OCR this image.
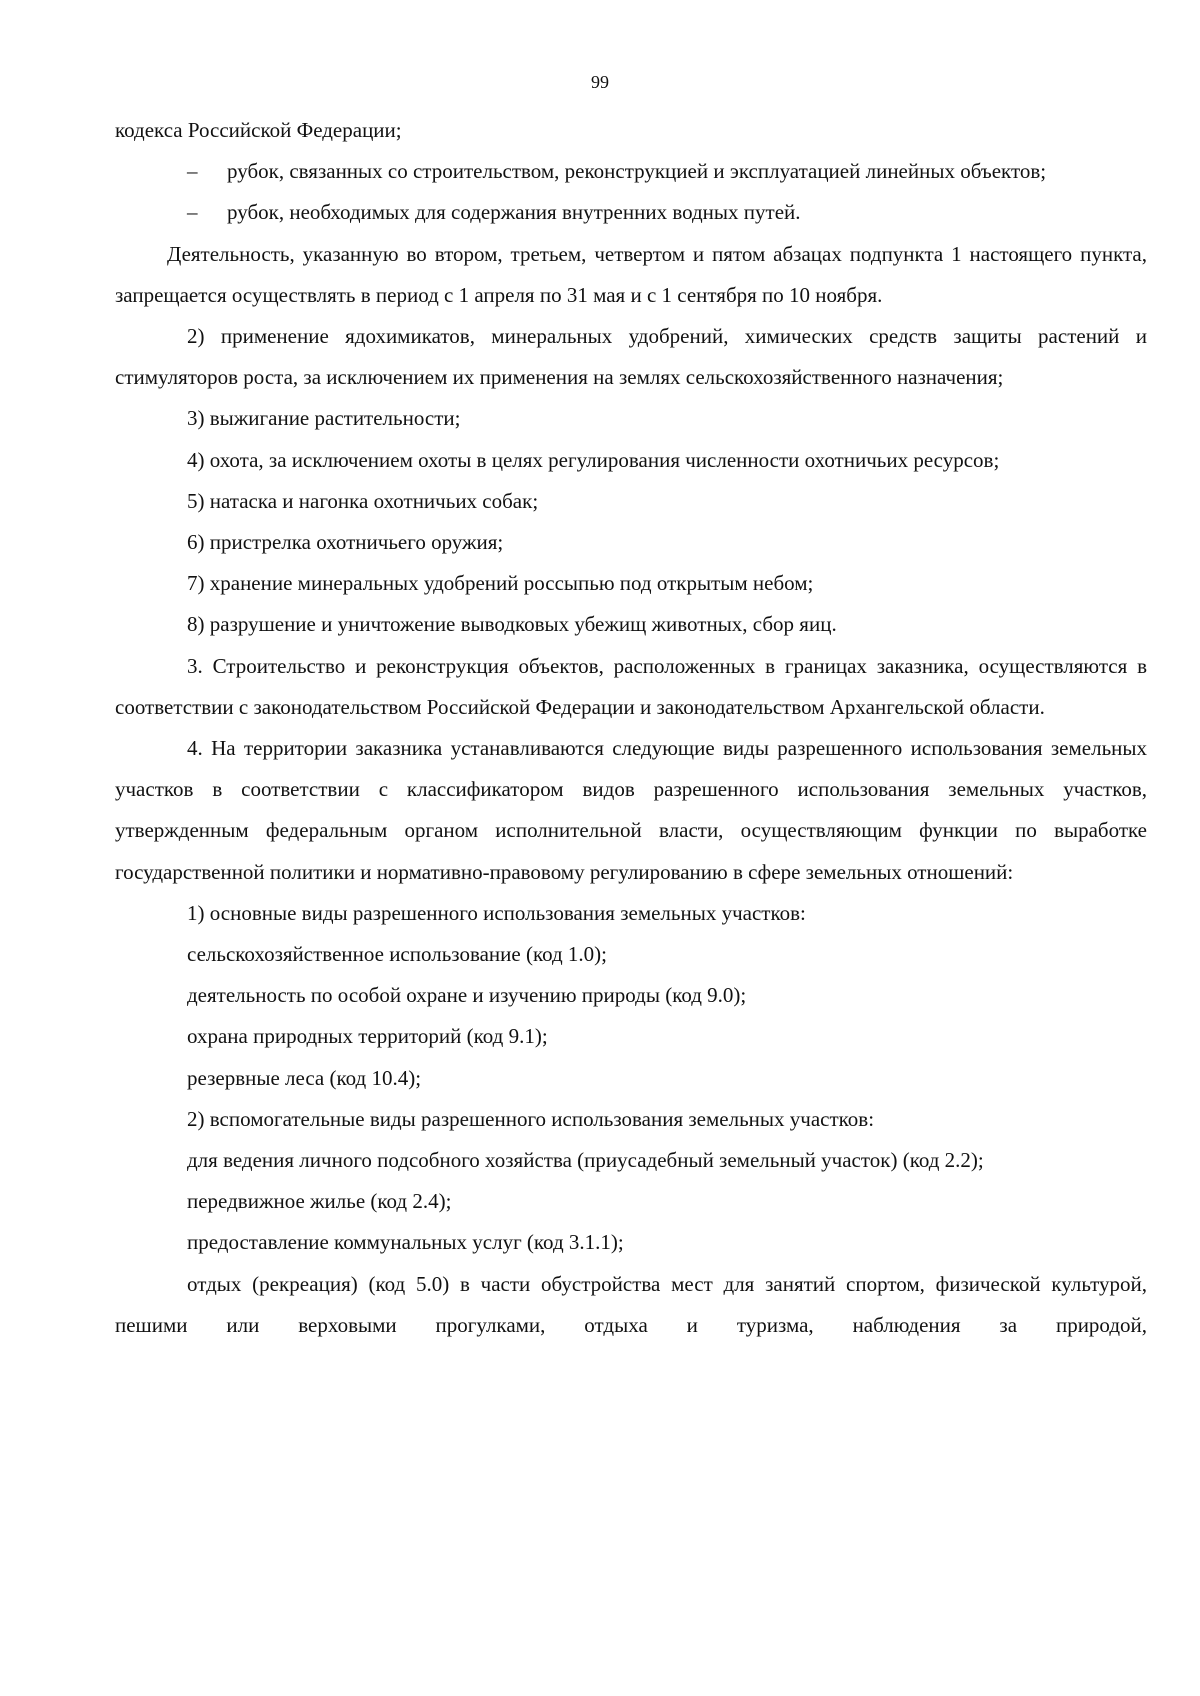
99

кодекса Российской Федерации;

– рубок, связанных со строительством, реконструкцией и эксплуатацией линейных объектов;

– рубок, необходимых для содержания внутренних водных путей.

Деятельность, указанную во втором, третьем, четвертом и пятом абзацах подпункта 1 настоящего пункта, запрещается осуществлять в период с 1 апреля по 31 мая и с 1 сентября по 10 ноября.

2) применение ядохимикатов, минеральных удобрений, химических средств защиты растений и стимуляторов роста, за исключением их применения на землях сельскохозяйственного назначения;

3) выжигание растительности;

4) охота, за исключением охоты в целях регулирования численности охотничьих ресурсов;

5) натаска и нагонка охотничьих собак;

6) пристрелка охотничьего оружия;

7) хранение минеральных удобрений россыпью под открытым небом;

8) разрушение и уничтожение выводковых убежищ животных, сбор яиц.

3. Строительство и реконструкция объектов, расположенных в границах заказника, осуществляются в соответствии с законодательством Российской Федерации и законодательством Архангельской области.

4. На территории заказника устанавливаются следующие виды разрешенного использования земельных участков в соответствии с классификатором видов разрешенного использования земельных участков, утвержденным федеральным органом исполнительной власти, осуществляющим функции по выработке государственной политики и нормативно-правовому регулированию в сфере земельных отношений:

1) основные виды разрешенного использования земельных участков:

сельскохозяйственное использование (код 1.0);

деятельность по особой охране и изучению природы (код 9.0);

охрана природных территорий (код 9.1);

резервные леса (код 10.4);

2) вспомогательные виды разрешенного использования земельных участков:

для ведения личного подсобного хозяйства (приусадебный земельный участок) (код 2.2);

передвижное жилье (код 2.4);

предоставление коммунальных услуг (код 3.1.1);

отдых (рекреация) (код 5.0) в части обустройства мест для занятий спортом, физической культурой, пешими или верховыми прогулками, отдыха и туризма, наблюдения за природой,
